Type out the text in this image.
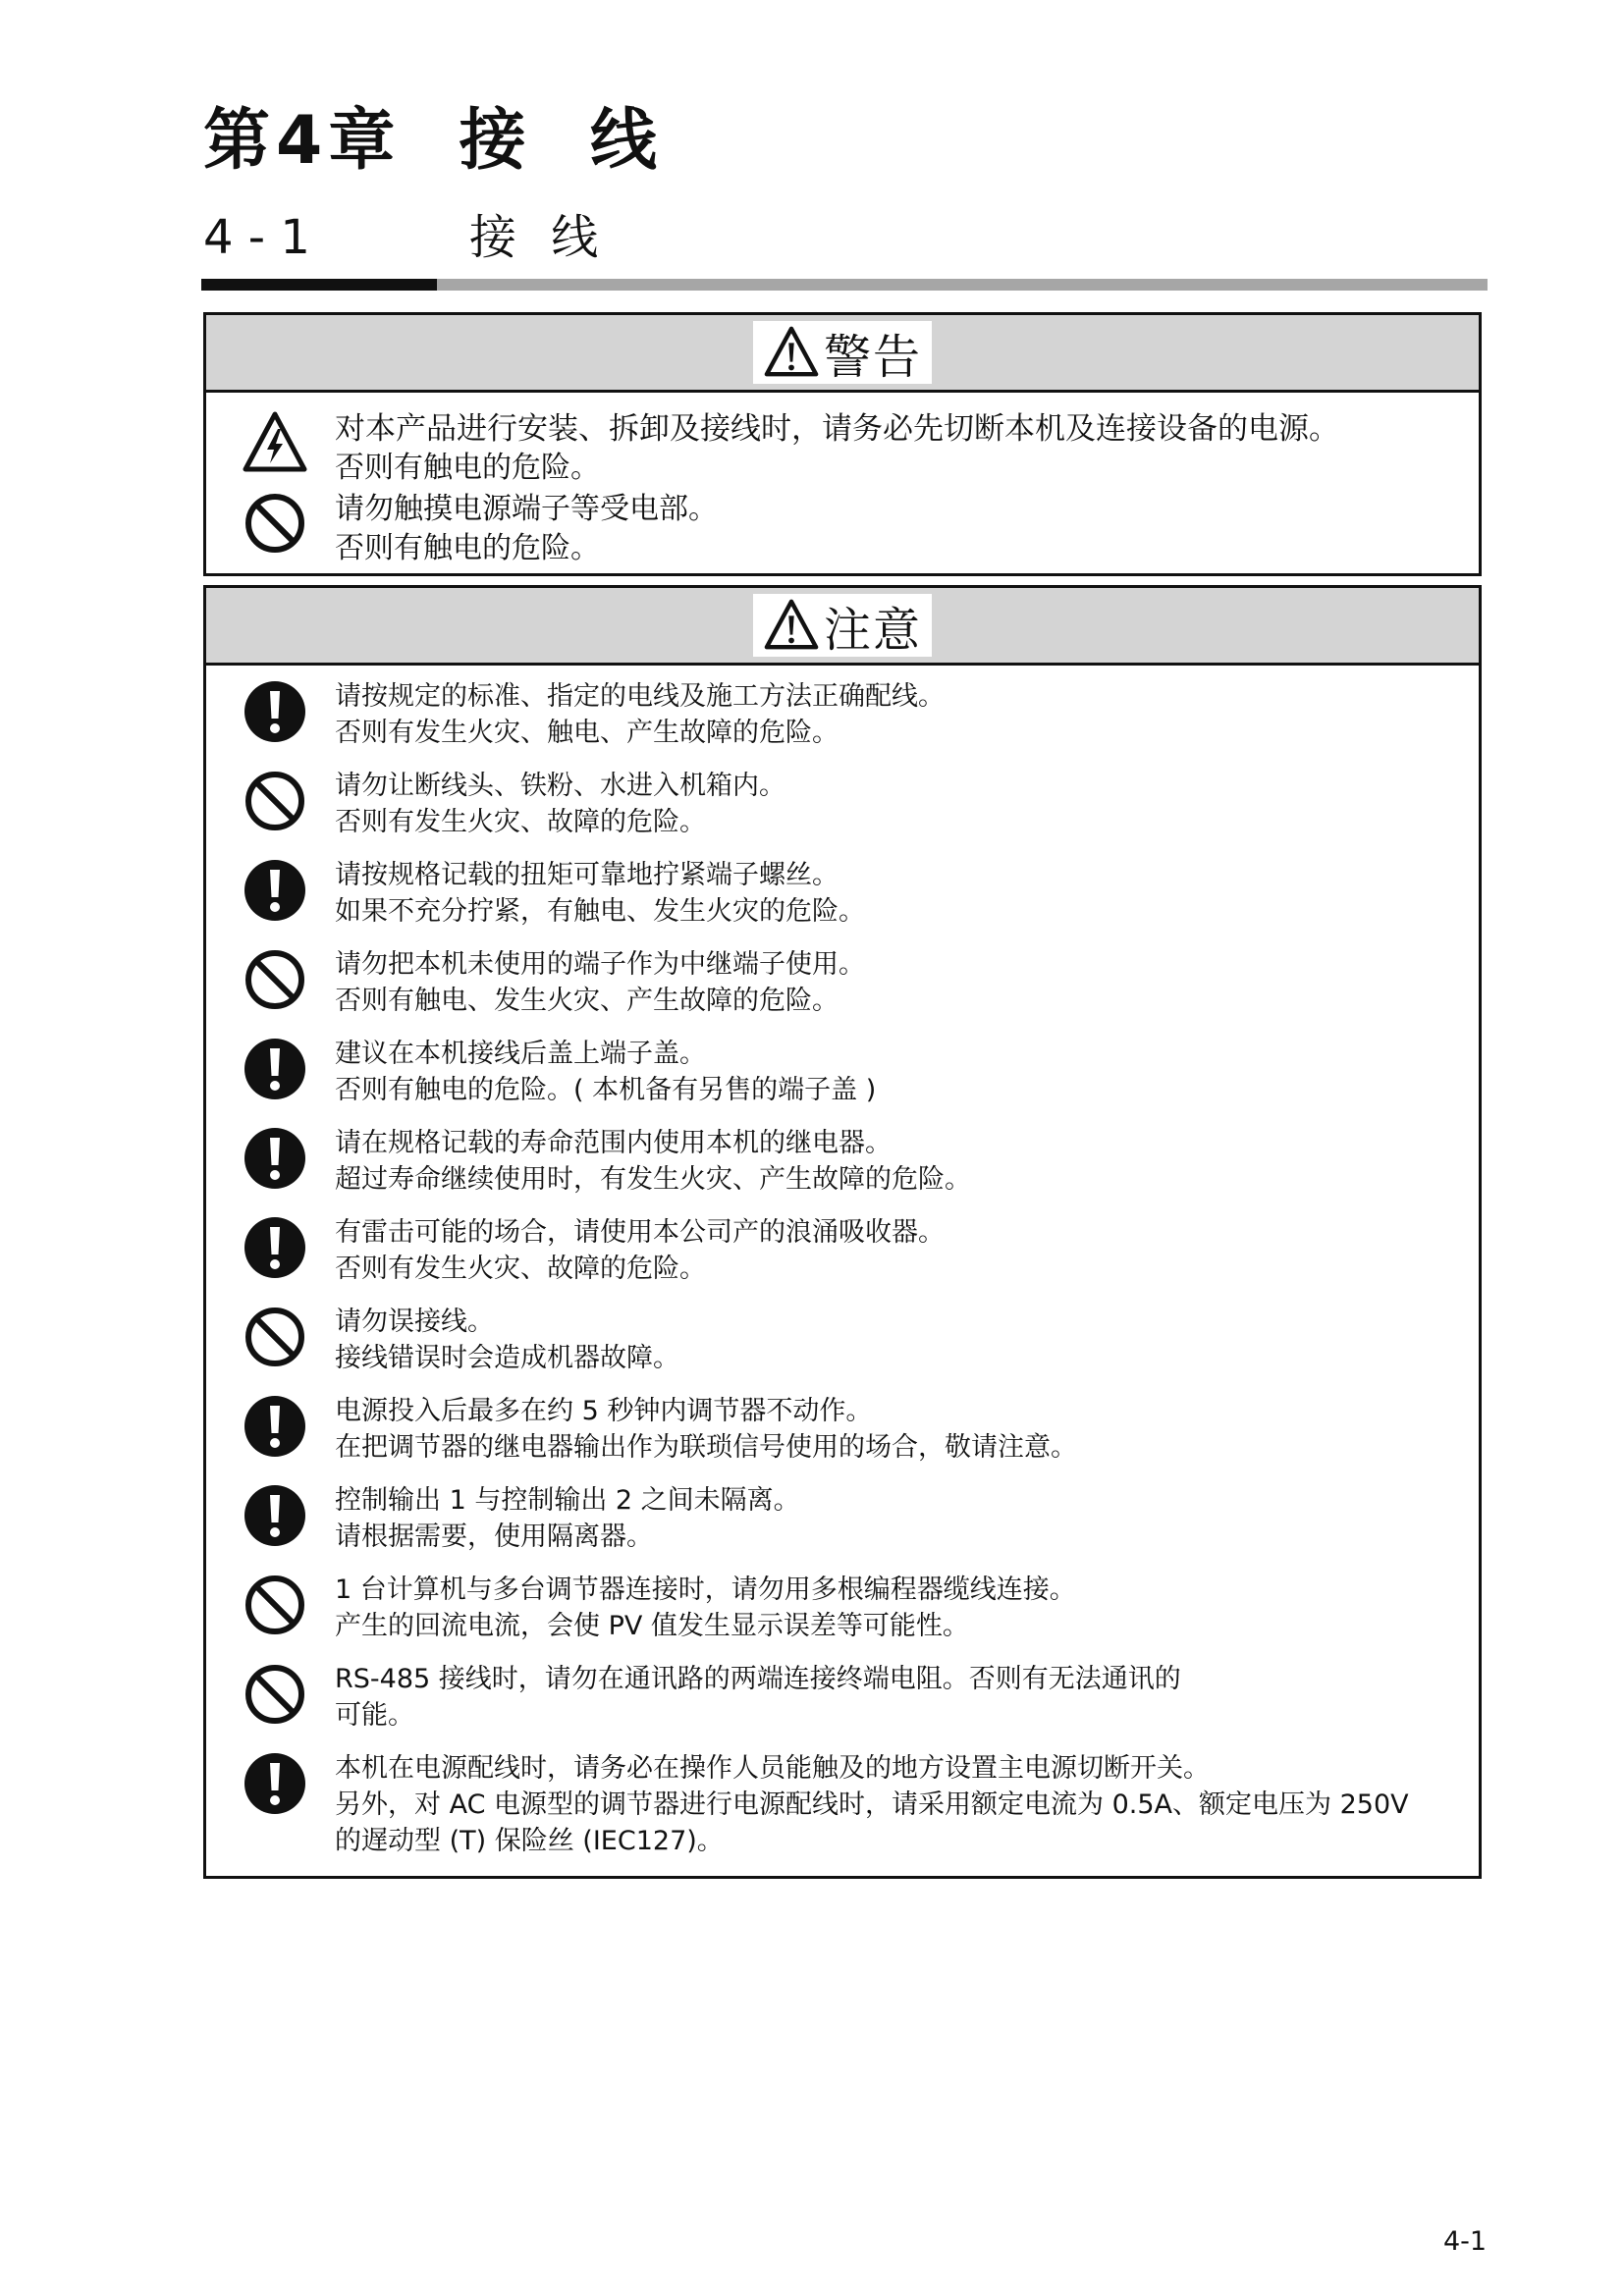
第4章  接  线
4 - 1	接 线
警告
对本产品进行安装、拆卸及接线时，请务必先切断本机及连接设备的电源。
否则有触电的危险。
请勿触摸电源端子等受电部。
否则有触电的危险。
注意
请按规定的标准、指定的电线及施工方法正确配线。
否则有发生火灾、触电、产生故障的危险。
请勿让断线头、铁粉、水进入机箱内。
否则有发生火灾、故障的危险。
请按规格记载的扭矩可靠地拧紧端子螺丝。
如果不充分拧紧，有触电、发生火灾的危险。
请勿把本机未使用的端子作为中继端子使用。
否则有触电、发生火灾、产生故障的危险。
建议在本机接线后盖上端子盖。
否则有触电的危险。( 本机备有另售的端子盖 )
请在规格记载的寿命范围内使用本机的继电器。
超过寿命继续使用时，有发生火灾、产生故障的危险。
有雷击可能的场合，请使用本公司产的浪涌吸收器。
否则有发生火灾、故障的危险。
请勿误接线。
接线错误时会造成机器故障。
电源投入后最多在约 5 秒钟内调节器不动作。
在把调节器的继电器输出作为联琐信号使用的场合，敬请注意。
控制输出 1 与控制输出 2 之间未隔离。
请根据需要，使用隔离器。
1 台计算机与多台调节器连接时，请勿用多根编程器缆线连接。
产生的回流电流，会使 PV 值发生显示误差等可能性。
RS-485 接线时，请勿在通讯路的两端连接终端电阻。否则有无法通讯的
可能。
本机在电源配线时，请务必在操作人员能触及的地方设置主电源切断开关。
另外，对 AC 电源型的调节器进行电源配线时，请采用额定电流为 0.5A、额定电压为 250V
的遅动型 (T) 保险丝 (IEC127)。
4-1
